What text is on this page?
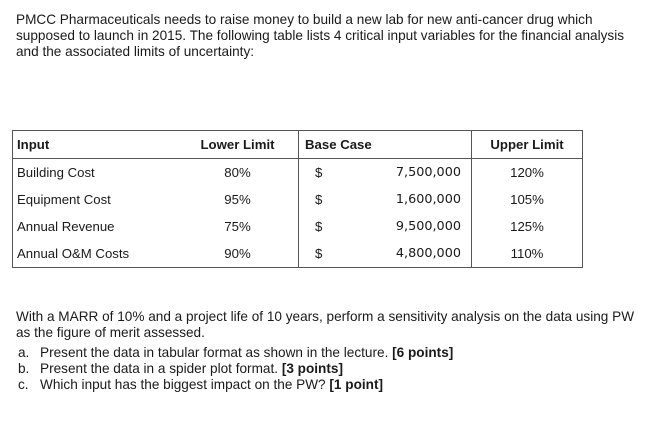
PMCC Pharmaceuticals needs to raise money to build a new lab for new anti-cancer drug which supposed to launch in 2015. The following table lists 4 critical input variables for the financial analysis and the associated limits of uncertainty:

Input	Lower Limit	Base Case		Upper Limit
Building Cost	80%	$	7,500,000	120%
Equipment Cost	95%	$	1,600,000	105%
Annual Revenue	75%	$	9,500,000	125%
Annual O&M Costs	90%	$	4,800,000	110%

With a MARR of 10% and a project life of 10 years, perform a sensitivity analysis on the data using PW as the figure of merit assessed.

a. Present the data in tabular format as shown in the lecture. [6 points]
b. Present the data in a spider plot format. [3 points]
c. Which input has the biggest impact on the PW? [1 point]
